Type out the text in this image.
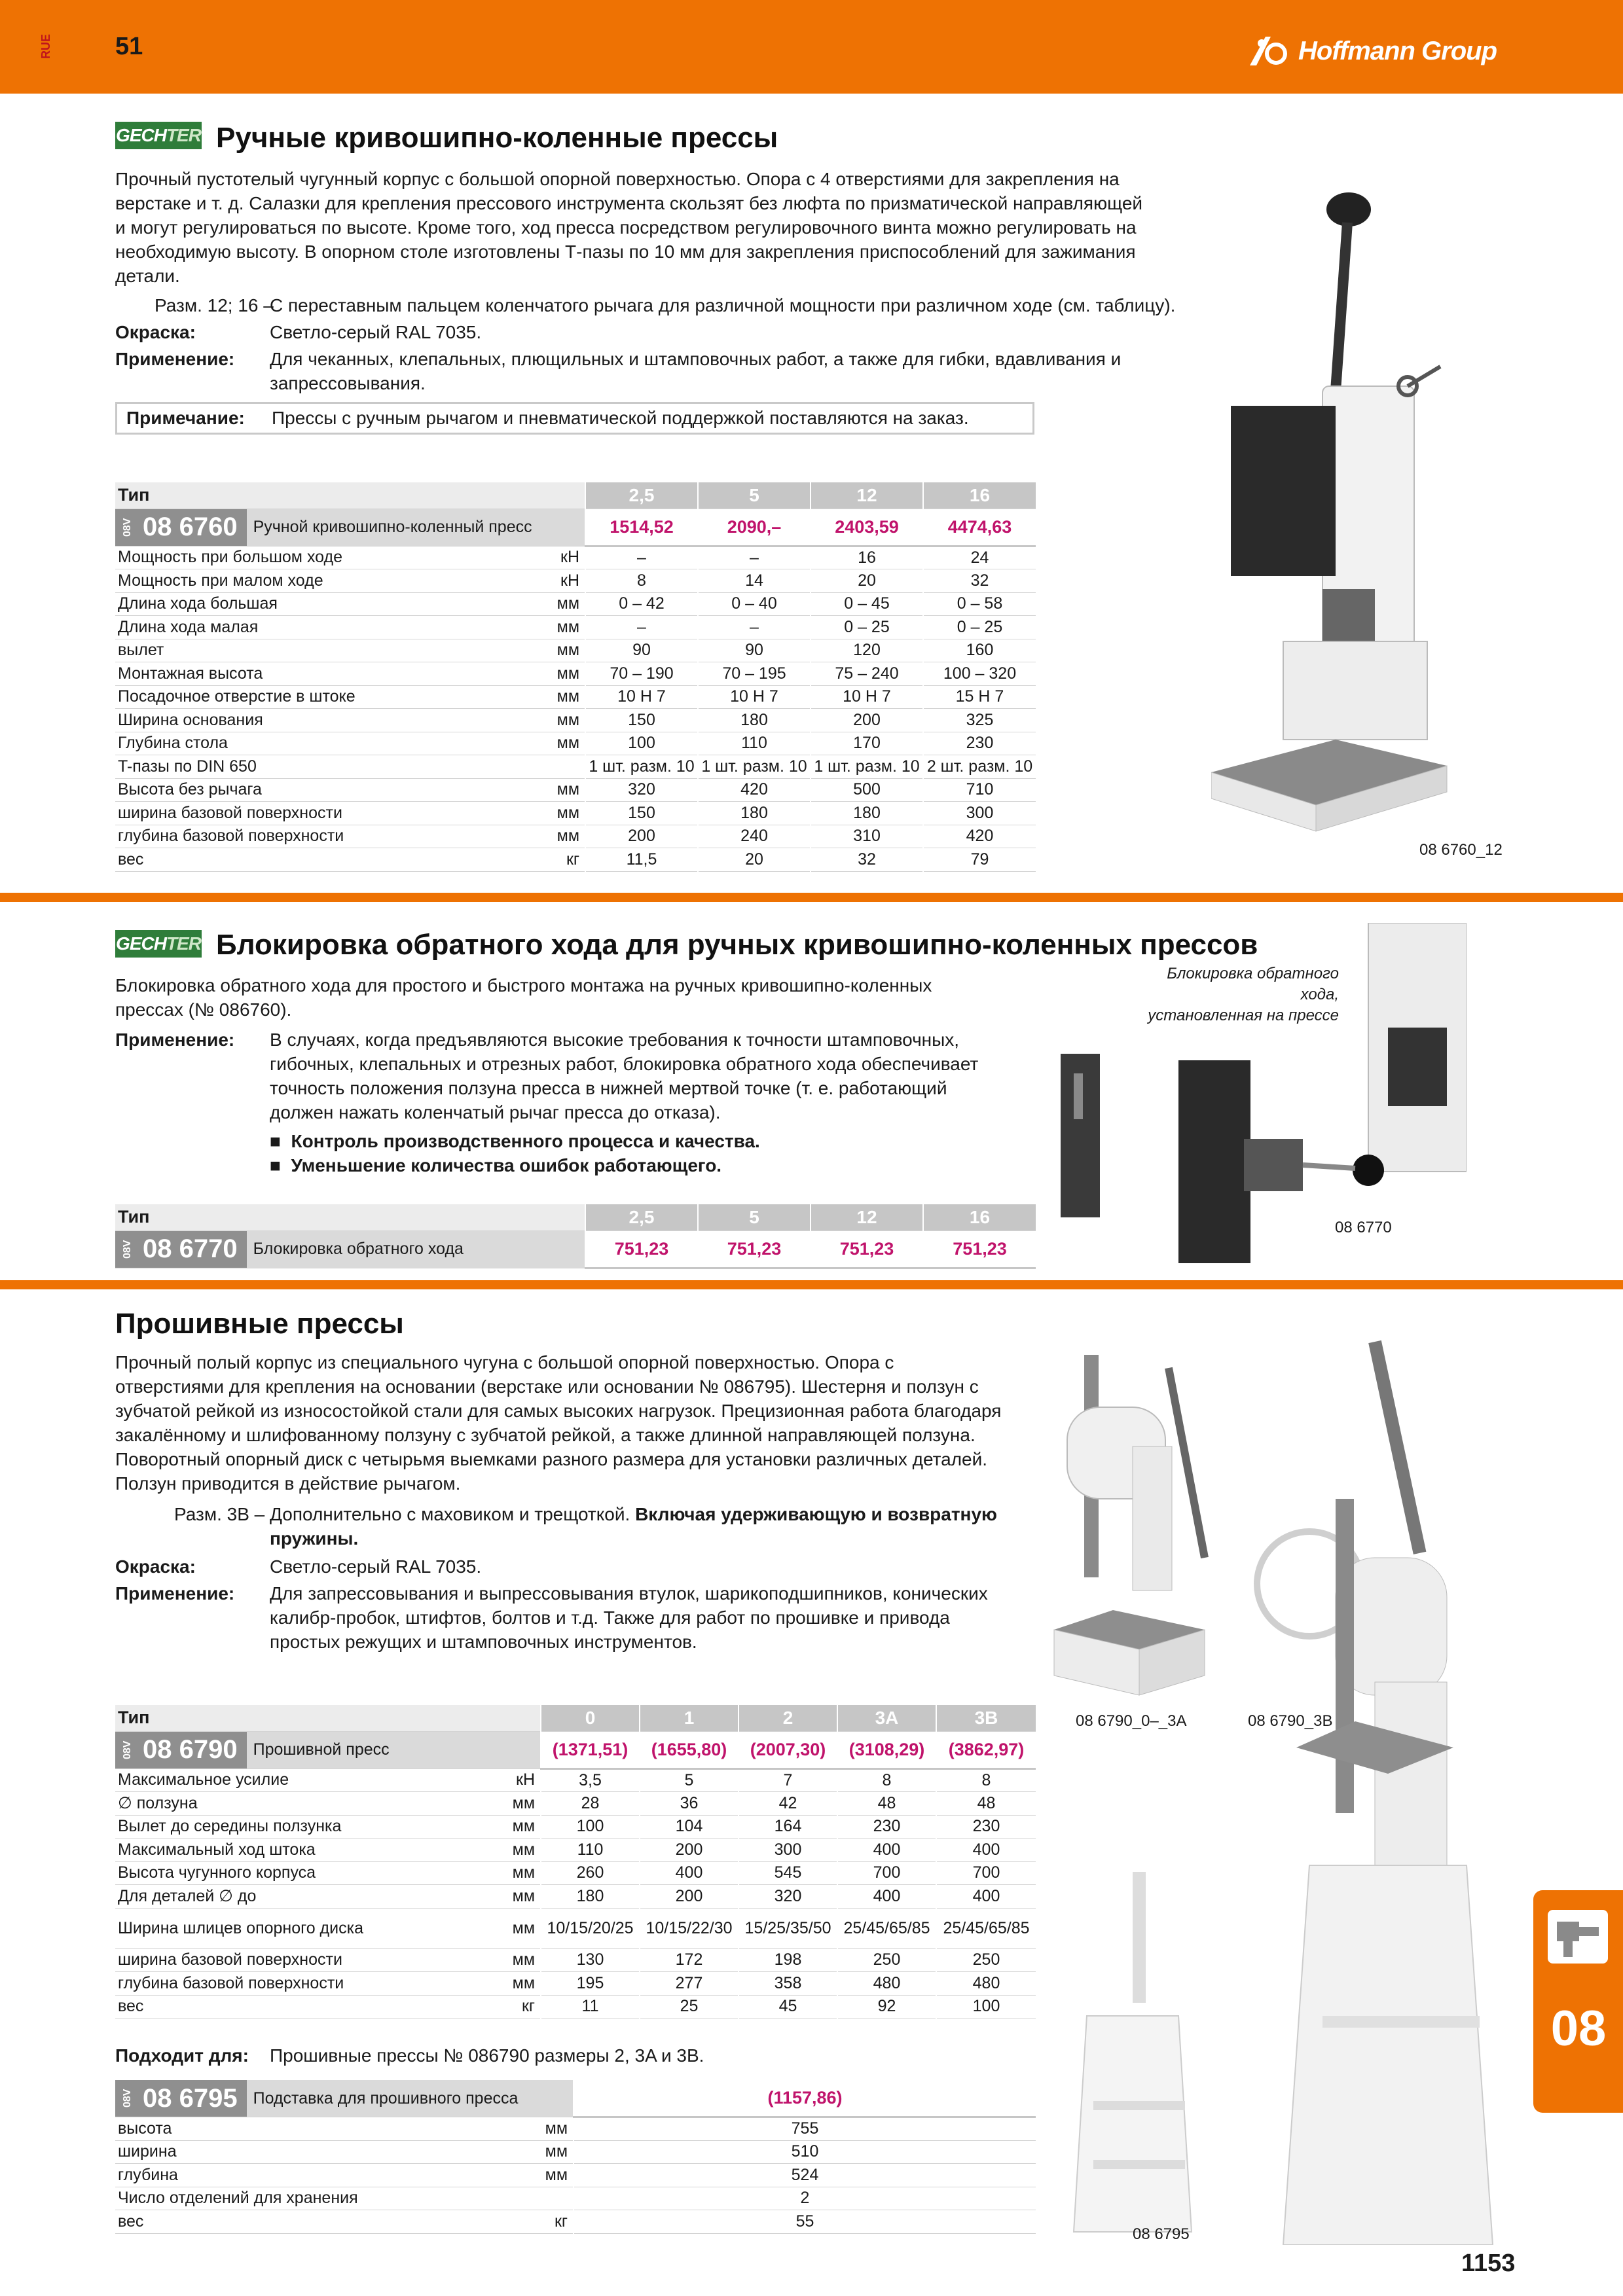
RUE	51	Hoffmann Group
GECH TER Ручные кривошипно-коленные прессы
Прочный пустотелый чугунный корпус с большой опорной поверхностью. Опора с 4 отверстиями для закрепления на
верстаке и т. д. Салазки для крепления прессового инструмента скользят без люфта по призматической направляющей
и могут регулироваться по высоте. Кроме того, ход пресса посредством регулировочного винта можно регулировать на
необходимую высоту. В опорном столе изготовлены Т-пазы по 10 мм для закрепления приспособлений для зажимания
детали.
Разм. 12; 16 –
С переставным пальцем коленчатого рычага для различной мощности при различном ходе (см. таблицу).
Окраска:	Светло-серый RAL 7035.
Применение: Для чеканных, клепальных, плющильных и штамповочных работ, а также для гибки, вдавливания и
запрессовывания.
Примечание:	Прессы с ручным рычагом и пневматической поддержкой поставляются на заказ.
08 6760_12
Тип		2,5	5	12	16

08V 08 6760 Ручной кривошипно-коленный пресс		1514,52	2090,–	2403,59	4474,63
Мощность при большом ходе	кН	–	–	16	24
Мощность при малом ходе	кН	8	14	20	32
Длина хода большая	мм	0 – 42	0 – 40	0 – 45	0 – 58
Длина хода малая	мм	–	–	0 – 25	0 – 25
вылет	мм	90	90	120	160
Монтажная высота	мм	70 – 190	70 – 195	75 – 240	100 – 320
Посадочное отверстие в штоке	мм	10 H 7	10 H 7	10 H 7	15 H 7
Ширина основания	мм	150	180	200	325
Глубина стола	мм	100	110	170	230
T-пазы по DIN 650		1 шт. разм. 10	1 шт. разм. 10	1 шт. разм. 10	2 шт. разм. 10
Высота без рычага	мм	320	420	500	710
ширина базовой поверхности	мм	150	180	180	300
глубина базовой поверхности	мм	200	240	310	420
вес	кг	11,5	20	32	79
GECH TER Блокировка обратного хода для ручных кривошипно-коленных прессов
Блокировка обратного хода для простого и быстрого монтажа на ручных кривошипно-коленных
прессах (№ 086760).
Применение: В случаях, когда предъявляются высокие требования к точности штамповочных,
гибочных, клепальных и отрезных работ, блокировка обратного хода обеспечивает
точность положения ползуна пресса в нижней мертвой точке (т. е. работающий
должен нажать коленчатый рычаг пресса до отказа).
■ Контроль производственного процесса и качества.
■ Уменьшение количества ошибок работающего.
Блокировка обратного
хода,
установленная на прессе
08 6770
Тип	2,5	5	12	16

08V 08 6770 Блокировка обратного хода	751,23	751,23	751,23	751,23
Прошивные прессы
Прочный полый корпус из специального чугуна с большой опорной поверхностью. Опора с
отверстиями для крепления на основании (верстаке или основании № 086795). Шестерня и ползун с
зубчатой рейкой из износостойкой стали для самых высоких нагрузок. Прецизионная работа благодаря
закалённому и шлифованному ползуну с зубчатой рейкой, а также длинной направляющей ползуна.
Поворотный опорный диск с четырьмя выемками разного размера для установки различных деталей.
Ползун приводится в действие рычагом.
Разм. 3B – Дополнительно с маховиком и трещоткой. Включая удерживающую и возвратную
пружины.
Окраска:	Светло-серый RAL 7035.
Применение: Для запрессовывания и выпрессовывания втулок, шарикоподшипников, конических
калибр-пробок, штифтов, болтов и т.д. Также для работ по прошивке и привода
простых режущих и штамповочных инструментов.
08 6790_0–_3A	08 6790_3B
08 6795
Тип		0	1	2	3A	3B

08V 08 6790 Прошивной пресс		(1371,51)	(1655,80)	(2007,30)	(3108,29)	(3862,97)
Максимальное усилие	кН	3,5	5	7	8	8
∅ ползуна	мм	28	36	42	48	48
Вылет до середины ползунка	мм	100	104	164	230	230
Максимальный ход штока	мм	110	200	300	400	400
Высота чугунного корпуса	мм	260	400	545	700	700
Для деталей ∅ до	мм	180	200	320	400	400
Ширина шлицев опорного диска	мм	10/15/20/25	10/15/22/30	15/25/35/50	25/45/65/85	25/45/65/85
ширина базовой поверхности	мм	130	172	198	250	250
глубина базовой поверхности	мм	195	277	358	480	480
вес	кг	11	25	45	92	100
Подходит для: Прошивные прессы № 086790 размеры 2, 3A и 3B.
08V 08 6795 Подставка для прошивного пресса		(1157,86)
высота	мм	755
ширина	мм	510
глубина	мм	524
Число отделений для хранения		2
вес	кг	55
08
1153
